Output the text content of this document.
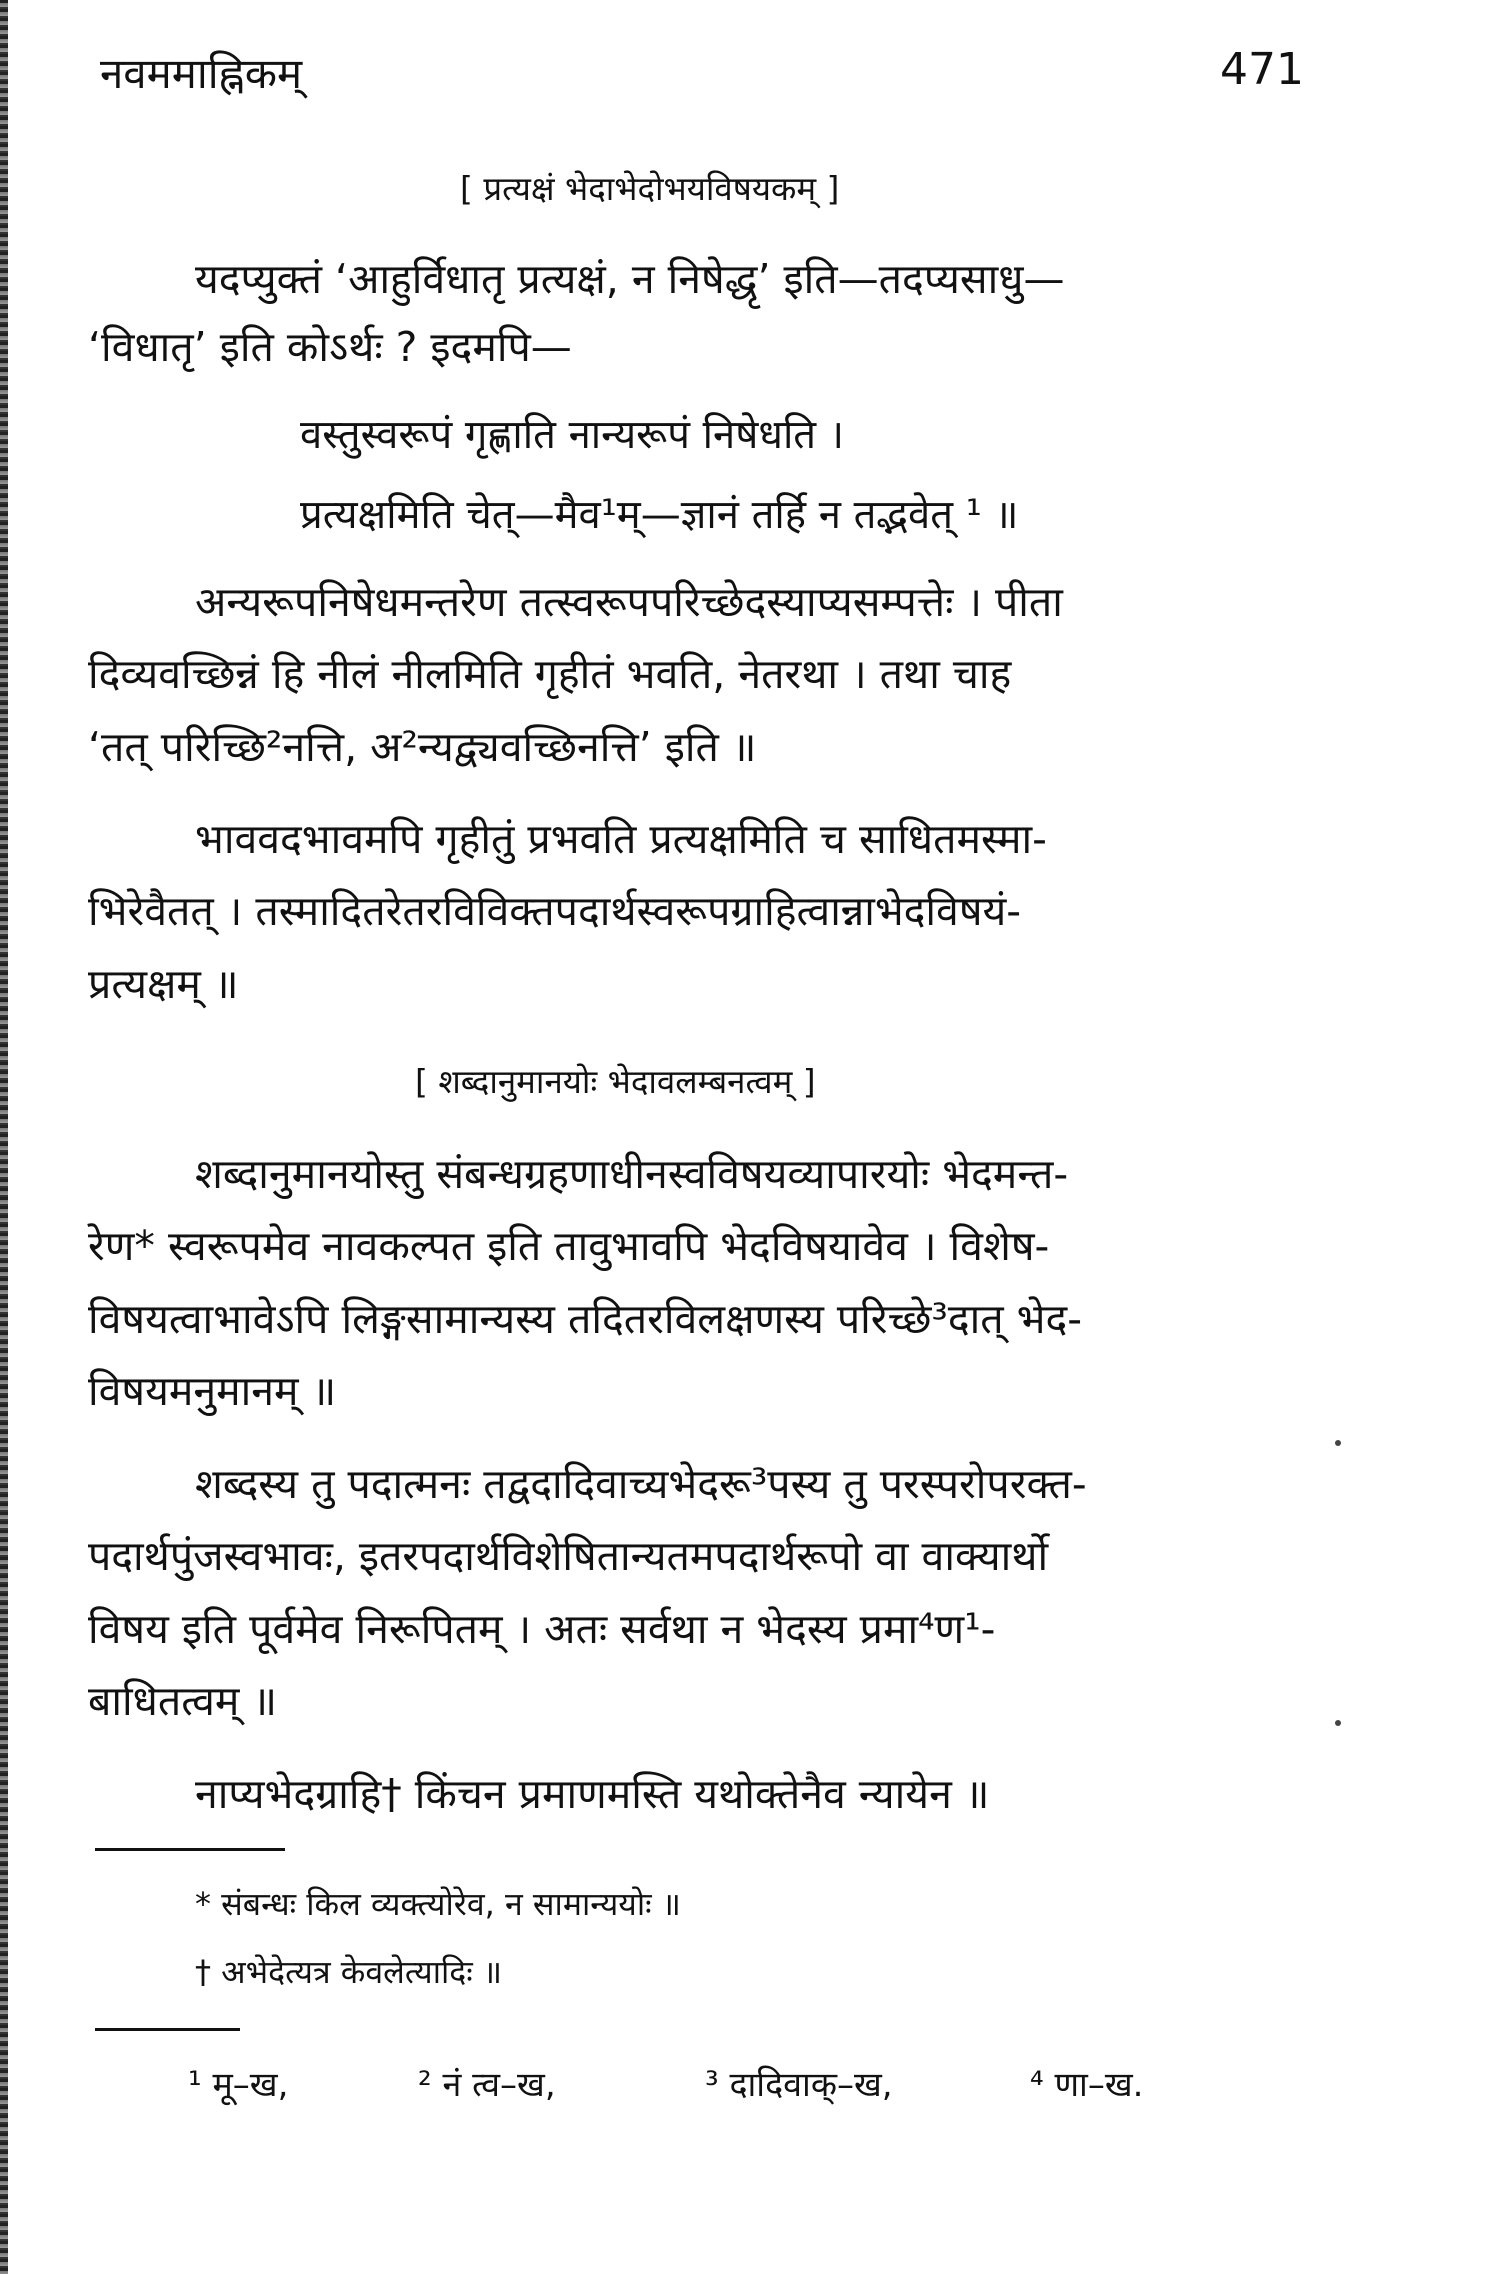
नवममाह्निकम्	471
[ प्रत्यक्षं भेदाभेदोभयविषयकम् ]
यदप्युक्तं ‘आहुर्विधातृ प्रत्यक्षं, न निषेद्धृ’ इति—तदप्यसाधु—
‘विधातृ’ इति कोऽर्थः ? इदमपि—
वस्तुस्वरूपं गृह्णाति नान्यरूपं निषेधति ।
प्रत्यक्षमिति चेत्—मैव¹म्—ज्ञानं तर्हि न तद्भवेत् ¹ ॥
अन्यरूपनिषेधमन्तरेण तत्स्वरूपपरिच्छेदस्याप्यसम्पत्तेः । पीता
दिव्यवच्छिन्नं हि नीलं नीलमिति गृहीतं भवति, नेतरथा । तथा चाह
‘तत् परिच्छि²नत्ति, अ²न्यद्व्यवच्छिनत्ति’ इति ॥
भाववदभावमपि गृहीतुं प्रभवति प्रत्यक्षमिति च साधितमस्मा-
भिरेवैतत् । तस्मादितरेतरविविक्तपदार्थस्वरूपग्राहित्वान्नाभेदविषयं-
प्रत्यक्षम् ॥
[ शब्दानुमानयोः भेदावलम्बनत्वम् ]
शब्दानुमानयोस्तु संबन्धग्रहणाधीनस्वविषयव्यापारयोः भेदमन्त-
रेण* स्वरूपमेव नावकल्पत इति तावुभावपि भेदविषयावेव । विशेष-
विषयत्वाभावेऽपि लिङ्गसामान्यस्य तदितरविलक्षणस्य परिच्छे³दात् भेद-
विषयमनुमानम् ॥
शब्दस्य तु पदात्मनः तद्वदादिवाच्यभेदरू³पस्य तु परस्परोपरक्त-
पदार्थपुंजस्वभावः, इतरपदार्थविशेषितान्यतमपदार्थरूपो वा वाक्यार्थो
विषय इति पूर्वमेव निरूपितम् । अतः सर्वथा न भेदस्य प्रमा⁴ण¹-
बाधितत्वम् ॥
नाप्यभेदग्राहि† किंचन प्रमाणमस्ति यथोक्तेनैव न्यायेन ॥
* संबन्धः किल व्यक्त्योरेव, न सामान्ययोः ॥
† अभेदेत्यत्र केवलेत्यादिः ॥
¹ मू–ख,	² नं त्व–ख,	³ दादिवाक्–ख,	⁴ णा–ख.
